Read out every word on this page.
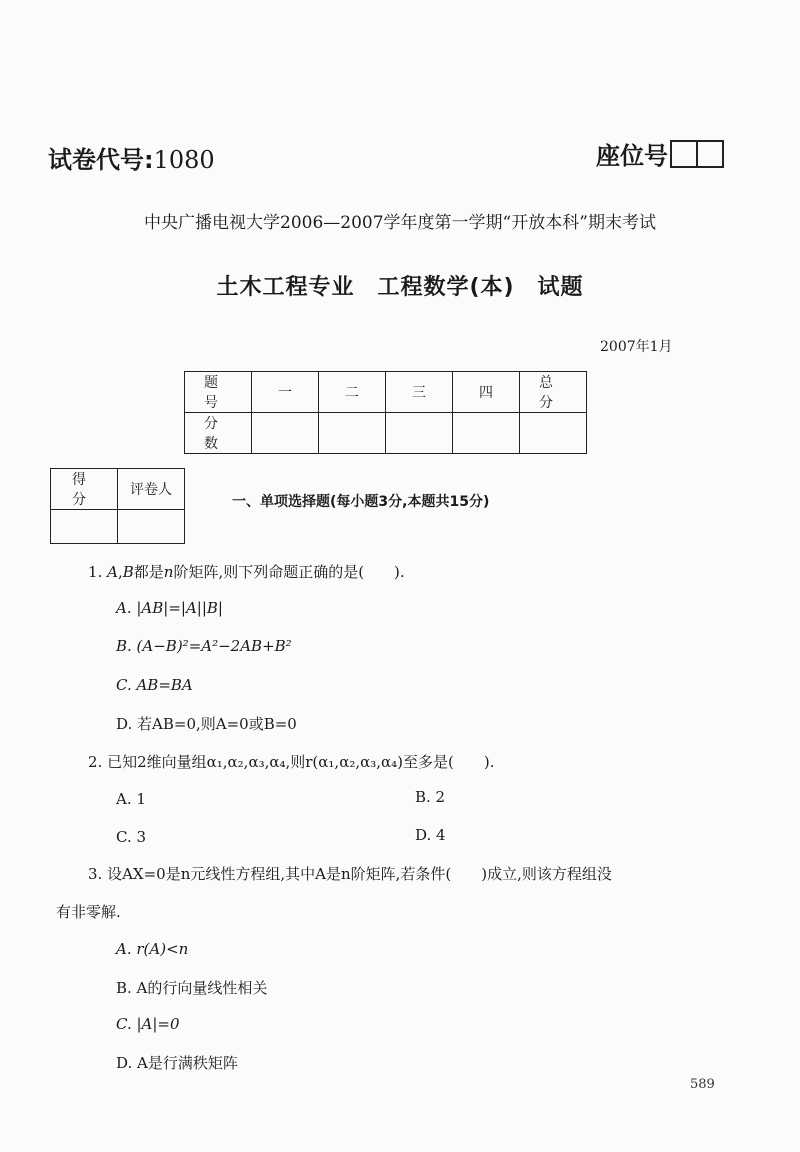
试卷代号:1080	座位号
中央广播电视大学2006—2007学年度第一学期“开放本科”期末考试
土木工程专业　工程数学(本)　试题
2007年1月
题　号	一	二	三	四	总　分
分　数					
得　分	评卷人

一、单项选择题(每小题3分,本题共15分)
1. A,B都是n阶矩阵,则下列命题正确的是(　　).
A. |AB|=|A||B|
B. (A−B)²=A²−2AB+B²
C. AB=BA
D. 若AB=0,则A=0或B=0
2. 已知2维向量组α₁,α₂,α₃,α₄,则r(α₁,α₂,α₃,α₄)至多是(　　).
A. 1	B. 2
C. 3	D. 4
3. 设AX=0是n元线性方程组,其中A是n阶矩阵,若条件(　　)成立,则该方程组没
有非零解.
A. r(A)<n
B. A的行向量线性相关
C. |A|=0
D. A是行满秩矩阵
589
